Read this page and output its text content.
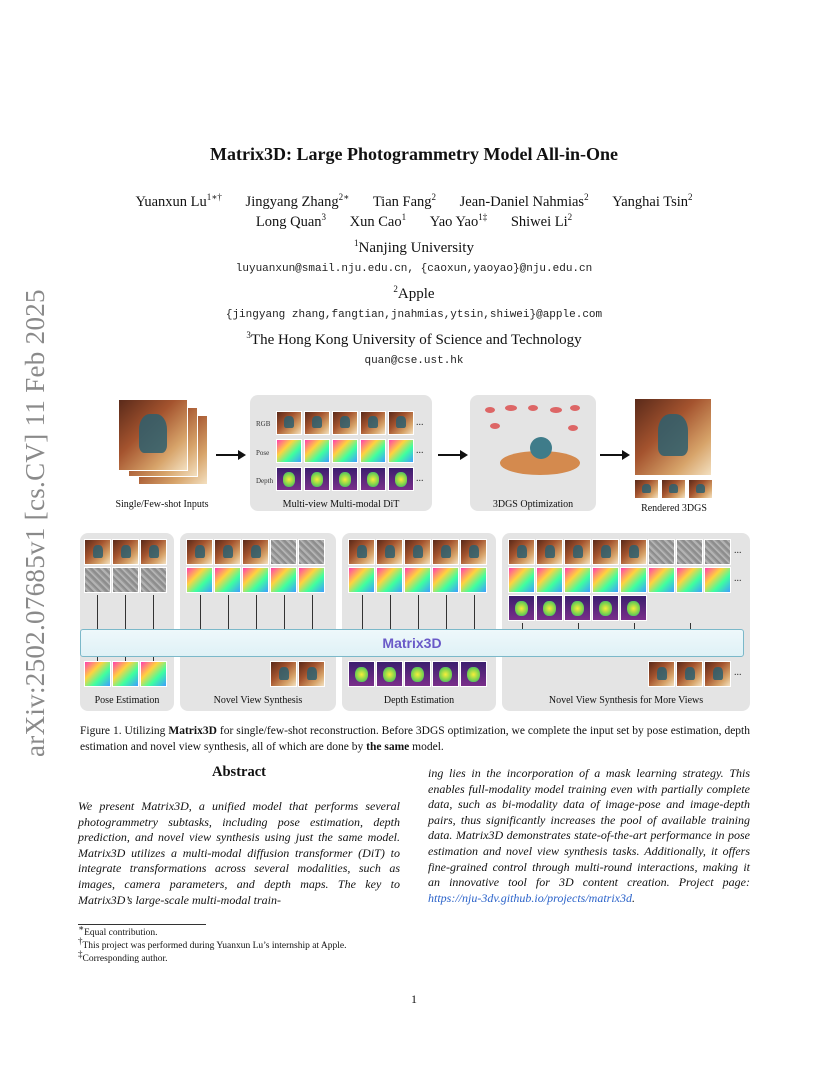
arXiv:2502.07685v1 [cs.CV] 11 Feb 2025
Matrix3D: Large Photogrammetry Model All-in-One
Yuanxun $Lu^{1∗\dagger}$ Jingyang Zhang$^{2∗}$ Tian Fang$^2$ Jean-Daniel Nahmias$^2$ Yanghai Tsin$^2$
Long Quan$^3$ Xun Cao$^1$ Yao Yao$^{1\ddagger}$ Shiwei Li$^2$
$^1$Nanjing University
luyuanxun@smail.nju.edu.cn, {caoxun,yaoyao}@nju.edu.cn
$^2$Apple
{jingyang zhang,fangtian,jnahmias,ytsin,shiwei}@apple.com
$^3$The Hong Kong University of Science and Technology
quan@cse.ust.hk
Single/Few-shot Inputs
RGB
Pose
Depth
...
...
...
Multi-view Multi-modal DiT	3DGS Optimization	Rendered 3DGS
...
...
...
Matrix3D
Pose Estimation	Novel View Synthesis	Depth Estimation	Novel View Synthesis for More Views
Figure 1. Utilizing Matrix3D for single/few-shot reconstruction. Before 3DGS optimization, we complete the input set by pose estimation, depth estimation and novel view synthesis, all of which are done by the same model.
Abstract
We present Matrix3D, a unified model that performs several photogrammetry subtasks, including pose estimation, depth prediction, and novel view synthesis using just the same model. Matrix3D utilizes a multi-modal diffusion transformer (DiT) to integrate transformations across several modalities, such as images, camera parameters, and depth maps. The key to Matrix3D’s large-scale multi-modal train-
ing lies in the incorporation of a mask learning strategy. This enables full-modality model training even with partially complete data, such as bi-modality data of image-pose and image-depth pairs, thus significantly increases the pool of available training data. Matrix3D demonstrates state-of-the-art performance in pose estimation and novel view synthesis tasks. Additionally, it offers fine-grained control through multi-round interactions, making it an innovative tool for 3D content creation. Project page: https://nju-3dv.github.io/projects/matrix3d.
∗Equal contribution.
†This project was performed during Yuanxun Lu’s internship at Apple.
‡Corresponding author.
1
